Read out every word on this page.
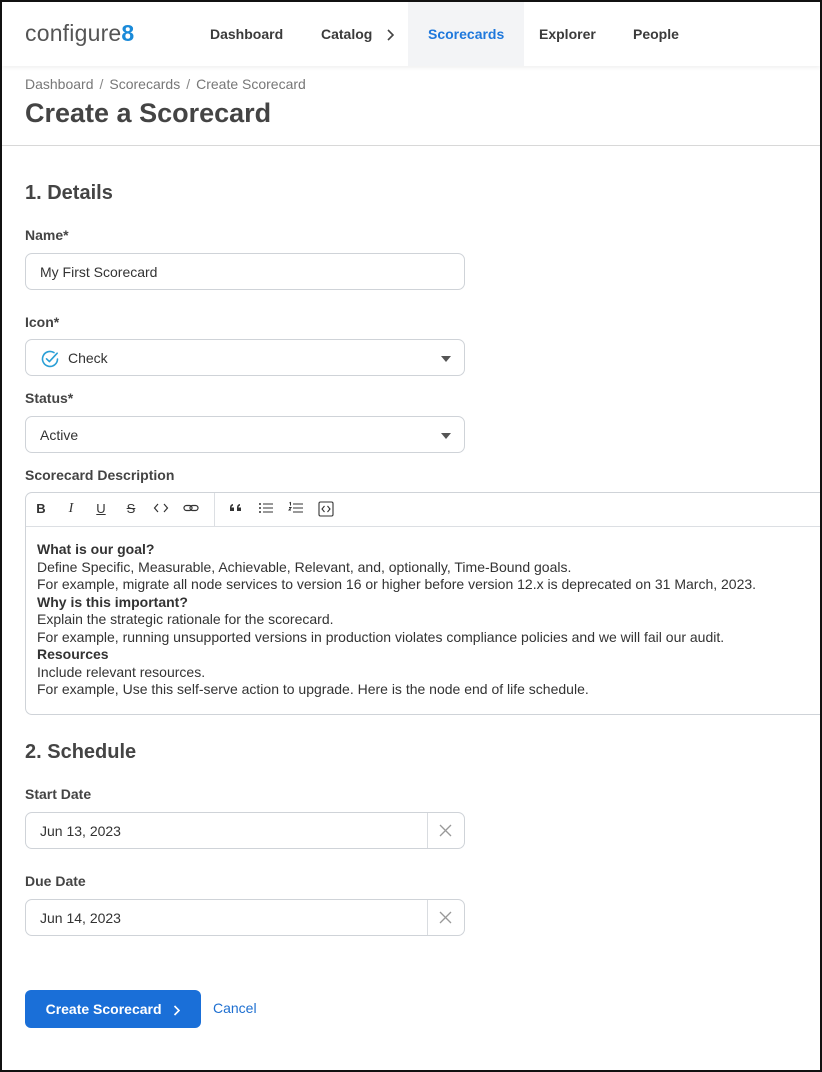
configure8	Dashboard	Catalog	Scorecards	Explorer	People
Dashboard / Scorecards / Create Scorecard
Create a Scorecard
1. Details
Name*
My First Scorecard
Icon*
Check
Status*
Active
Scorecard Description
B	I	U	S
What is our goal?
Define Specific, Measurable, Achievable, Relevant, and, optionally, Time-Bound goals.
For example, migrate all node services to version 16 or higher before version 12.x is deprecated on 31 March, 2023.
Why is this important?
Explain the strategic rationale for the scorecard.
For example, running unsupported versions in production violates compliance policies and we will fail our audit.
Resources
Include relevant resources.
For example, Use this self-serve action to upgrade. Here is the node end of life schedule.
2. Schedule
Start Date
Jun 13, 2023
Due Date
Jun 14, 2023
Create Scorecard	Cancel
